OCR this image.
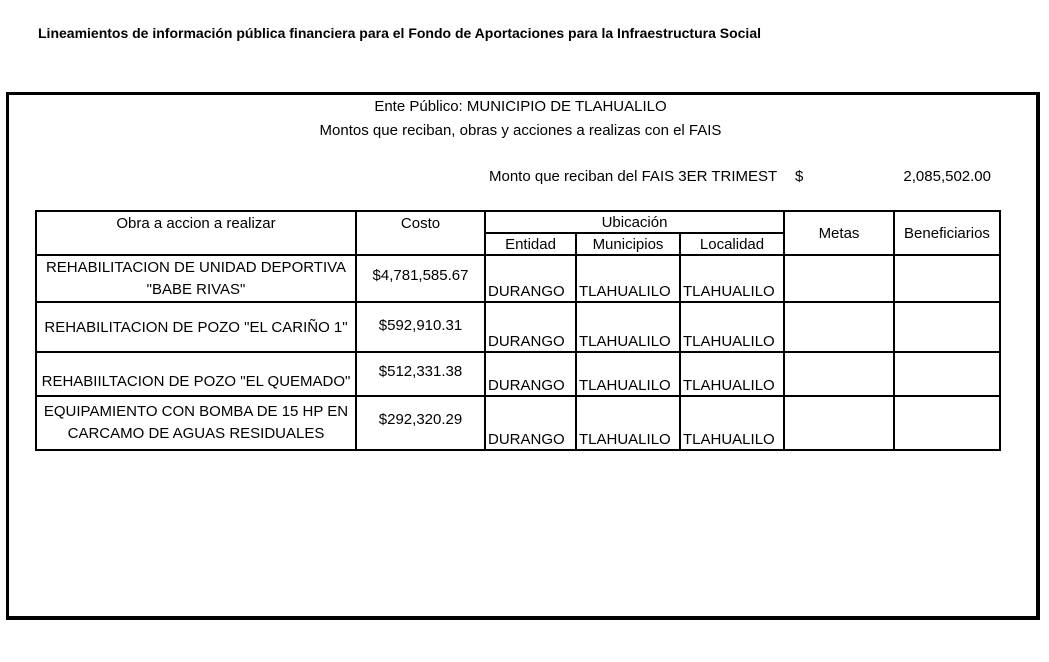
Lineamientos de información pública financiera para el Fondo de Aportaciones para la Infraestructura Social
Ente Público: MUNICIPIO DE TLAHUALILO
Montos que reciban, obras y acciones a realizas con el FAIS
Monto que reciban del FAIS 3ER TRIMEST $	2,085,502.00
Obra a accion a realizar	Costo	Ubicación			Metas	Beneficiarios
		Entidad	Municipios	Localidad		

REHABILITACION DE UNIDAD DEPORTIVA
"BABE RIVAS"	$4,781,585.67	DURANGO	TLAHUALILO	TLAHUALILO		

REHABILITACION DE POZO "EL CARIÑO 1"	$592,910.31	DURANGO	TLAHUALILO	TLAHUALILO		

REHABIILTACION DE POZO "EL QUEMADO"	$512,331.38	DURANGO	TLAHUALILO	TLAHUALILO		

EQUIPAMIENTO CON BOMBA DE 15 HP EN
CARCAMO DE AGUAS RESIDUALES	$292,320.29	DURANGO	TLAHUALILO	TLAHUALILO		
